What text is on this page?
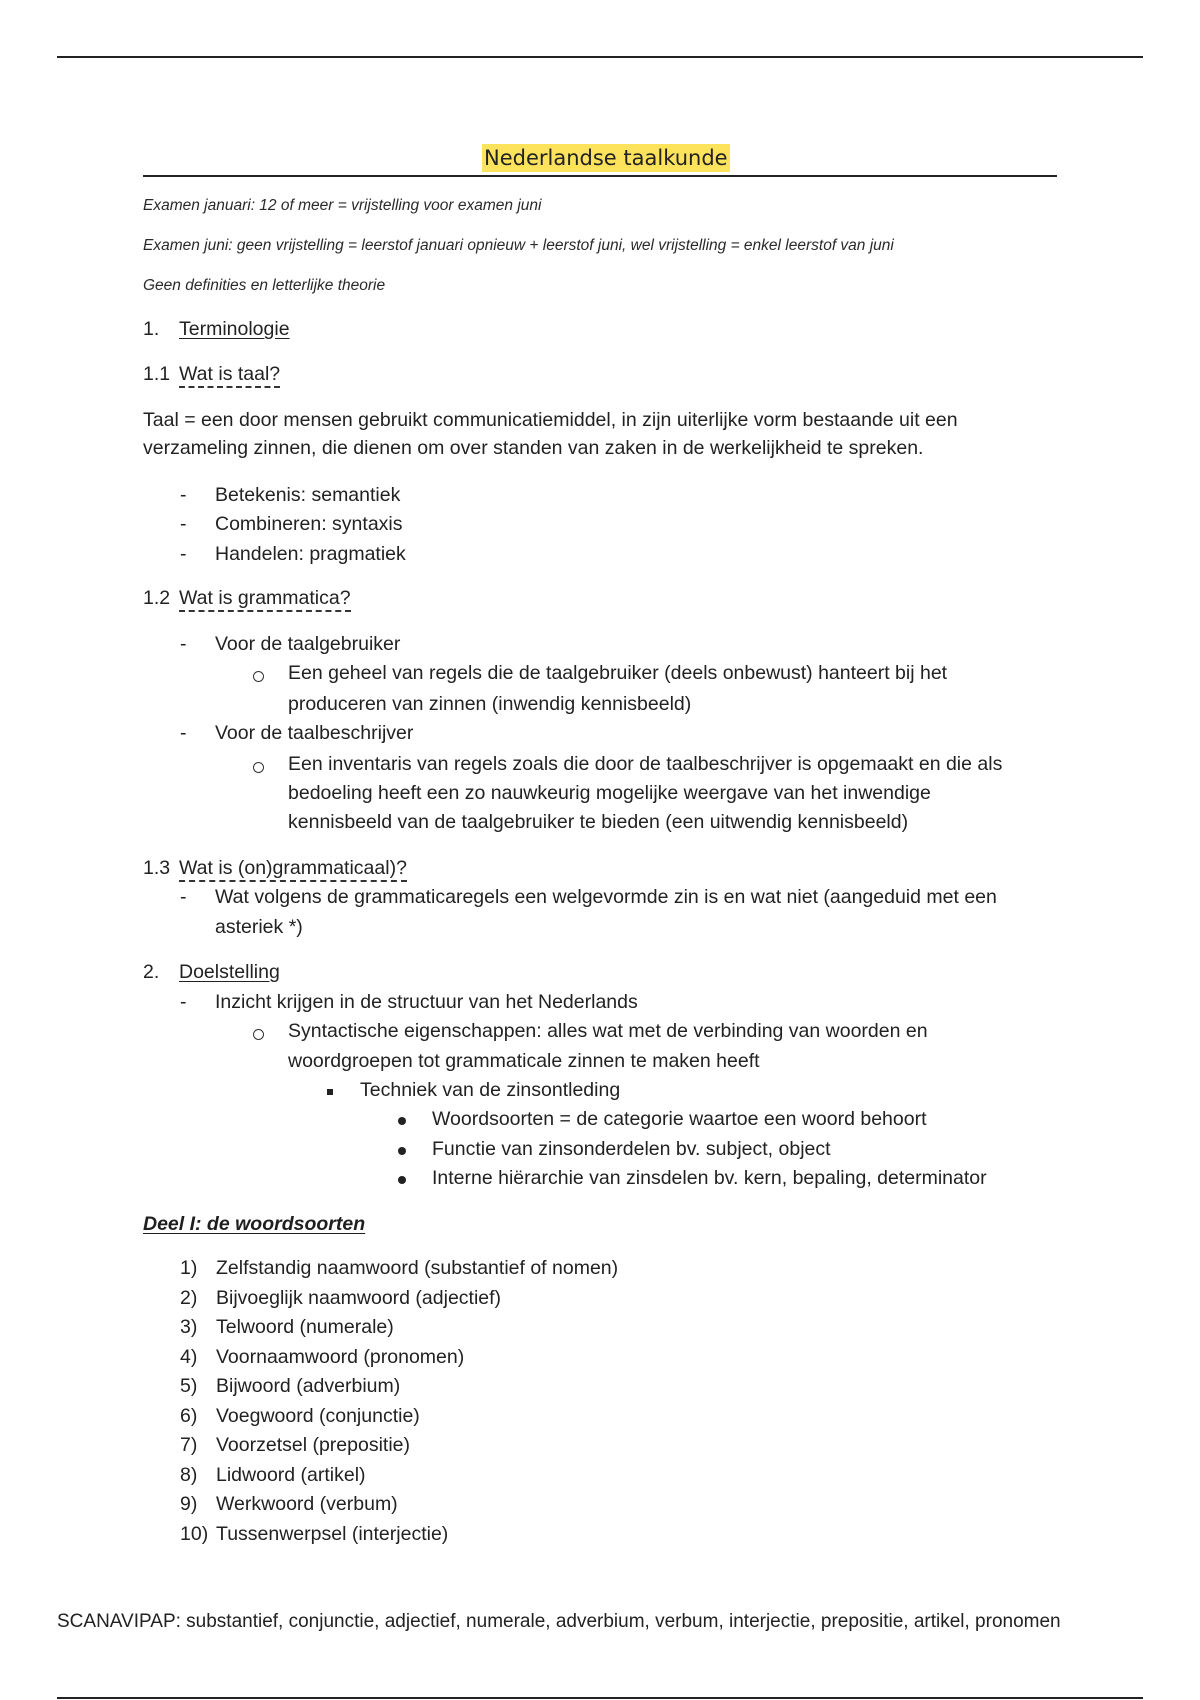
Nederlandse taalkunde
Examen januari: 12 of meer = vrijstelling voor examen juni
Examen juni: geen vrijstelling = leerstof januari opnieuw + leerstof juni, wel vrijstelling = enkel leerstof van juni
Geen definities en letterlijke theorie
1. Terminologie
1.1 Wat is taal?
Taal = een door mensen gebruikt communicatiemiddel, in zijn uiterlijke vorm bestaande uit een
verzameling zinnen, die dienen om over standen van zaken in de werkelijkheid te spreken.
- Betekenis: semantiek
- Combineren: syntaxis
- Handelen: pragmatiek
1.2 Wat is grammatica?
- Voor de taalgebruiker
Een geheel van regels die de taalgebruiker (deels onbewust) hanteert bij het
produceren van zinnen (inwendig kennisbeeld)
- Voor de taalbeschrijver
Een inventaris van regels zoals die door de taalbeschrijver is opgemaakt en die als
bedoeling heeft een zo nauwkeurig mogelijke weergave van het inwendige
kennisbeeld van de taalgebruiker te bieden (een uitwendig kennisbeeld)
1.3 Wat is (on)grammaticaal)?
- Wat volgens de grammaticaregels een welgevormde zin is en wat niet (aangeduid met een
asteriek *)
2. Doelstelling
- Inzicht krijgen in de structuur van het Nederlands
Syntactische eigenschappen: alles wat met de verbinding van woorden en
woordgroepen tot grammaticale zinnen te maken heeft
Techniek van de zinsontleding
Woordsoorten = de categorie waartoe een woord behoort
Functie van zinsonderdelen bv. subject, object
Interne hiërarchie van zinsdelen bv. kern, bepaling, determinator
Deel I: de woordsoorten
1) Zelfstandig naamwoord (substantief of nomen)
2) Bijvoeglijk naamwoord (adjectief)
3) Telwoord (numerale)
4) Voornaamwoord (pronomen)
5) Bijwoord (adverbium)
6) Voegwoord (conjunctie)
7) Voorzetsel (prepositie)
8) Lidwoord (artikel)
9) Werkwoord (verbum)
10) Tussenwerpsel (interjectie)
SCANAVIPAP: substantief, conjunctie, adjectief, numerale, adverbium, verbum, interjectie, prepositie, artikel, pronomen
